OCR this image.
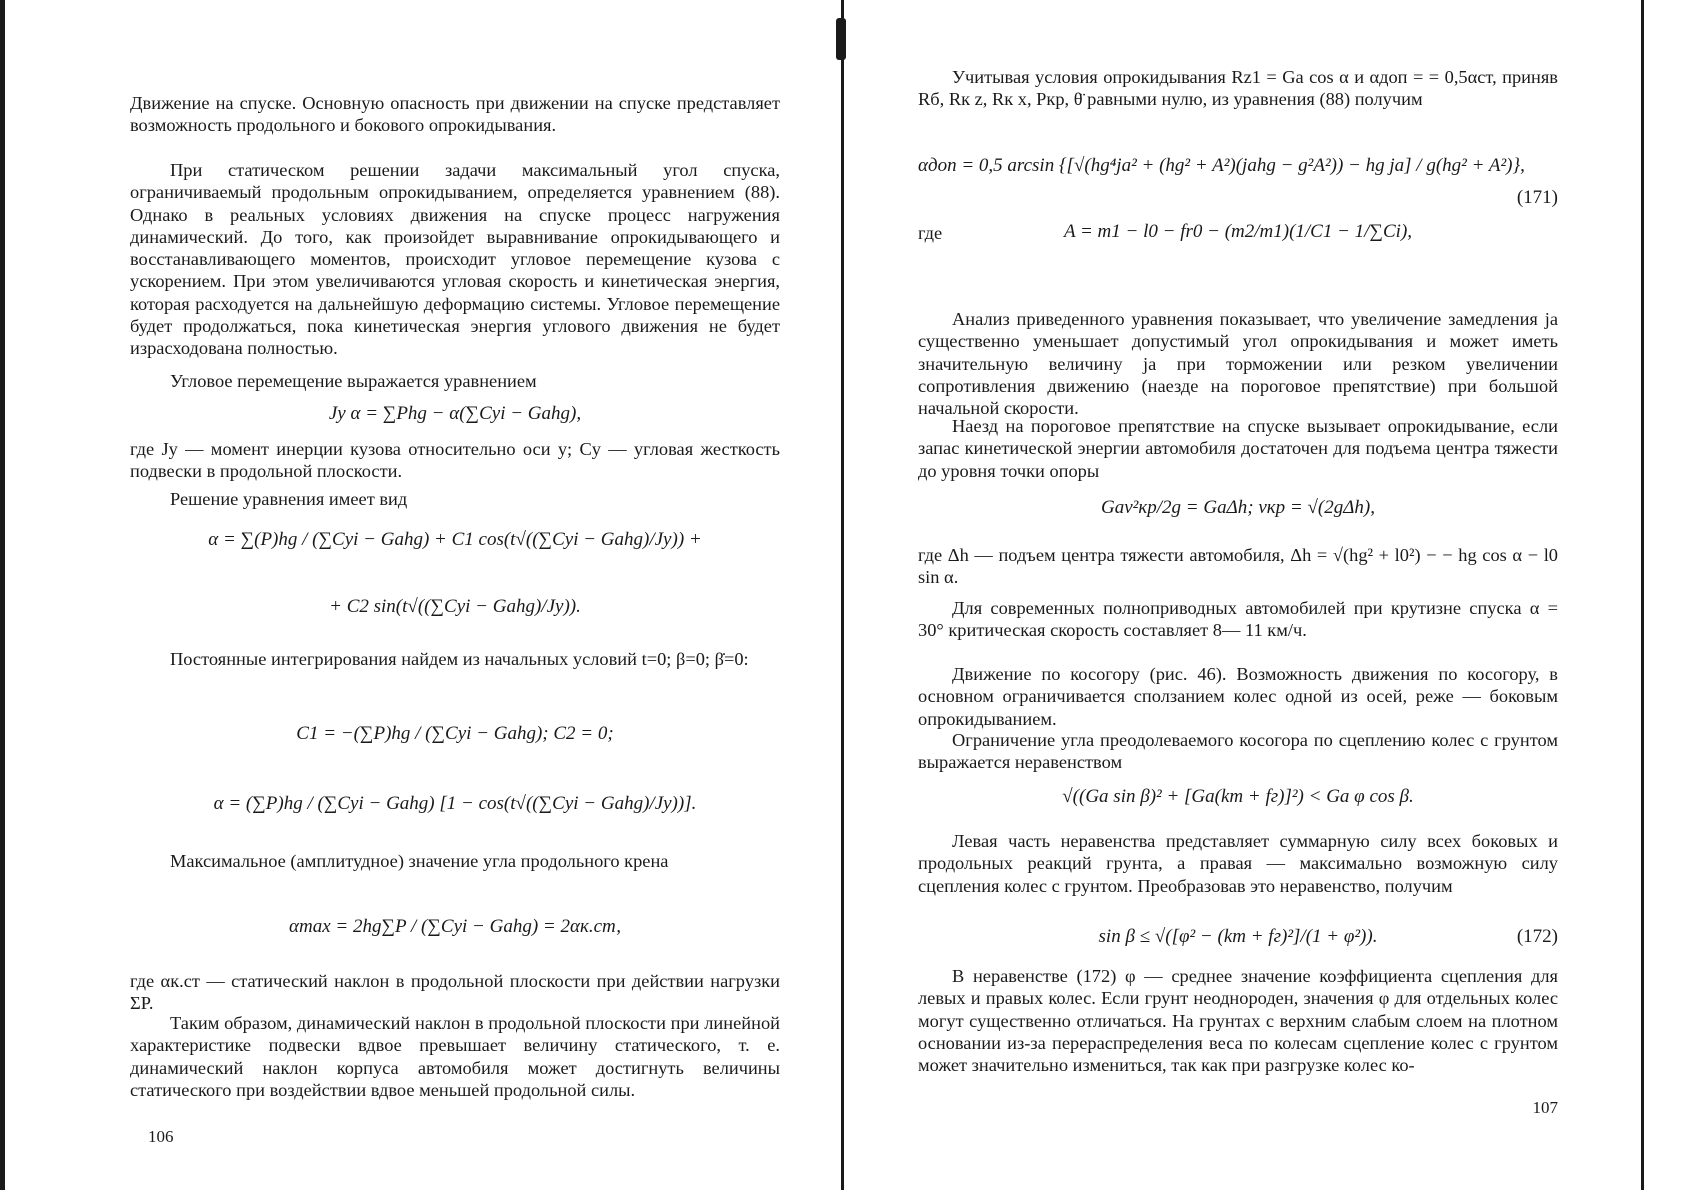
Движение на спуске. Основную опасность при движении на спуске представляет возможность продольного и бокового опрокидывания.

При статическом решении задачи максимальный угол спуска, ограничиваемый продольным опрокидыванием, определяется уравнением (88). Однако в реальных условиях движения на спуске процесс нагружения динамический. До того, как произойдет выравнивание опрокидывающего и восстанавливающего моментов, происходит угловое перемещение кузова с ускорением. При этом увеличиваются угловая скорость и кинетическая энергия, которая расходуется на дальнейшую деформацию системы. Угловое перемещение будет продолжаться, пока кинетическая энергия углового движения не будет израсходована полностью.

Угловое перемещение выражается уравнением

Jy α = ∑Phg − α(∑Cyi − Gahg),

где Jу — момент инерции кузова относительно оси y; Cy — угловая жесткость подвески в продольной плоскости.

Решение уравнения имеет вид

α = ∑(P)hg / (∑Cyi − Gahg) + C1 cos(t√((∑Cyi − Gahg)/Jy)) +
+ C2 sin(t√((∑Cyi − Gahg)/Jy)).

Постоянные интегрирования найдем из начальных условий t=0; β=0; β̇=0:

C1 = −(∑P)hg / (∑Cyi − Gahg); C2 = 0;
α = (∑P)hg / (∑Cyi − Gahg) [1 − cos(t√((∑Cyi − Gahg)/Jy))].

Максимальное (амплитудное) значение угла продольного крена

αmax = 2hg∑P / (∑Cyi − Gahg) = 2αк.ст,

где αк.ст — статический наклон в продольной плоскости при действии нагрузки ΣP.

Таким образом, динамический наклон в продольной плоскости при линейной характеристике подвески вдвое превышает величину статического, т. е. динамический наклон корпуса автомобиля может достигнуть величины статического при воздействии вдвое меньшей продольной силы.

106

Учитывая условия опрокидывания Rz1 = Ga cos α и αдоп = = 0,5αст, приняв Rб, Rк z, Rк x, Pкр, θ̈ равными нулю, из уравнения (88) получим

αдоп = 0,5 arcsin {[√(hg⁴ja² + (hg² + A²)(jahg − g²A²)) − hg ja] / g(hg² + A²)},
(171)

где	A = m1 − l0 − fr0 − (m2/m1)(1/C1 − 1/∑Ci),

Анализ приведенного уравнения показывает, что увеличение замедления jа существенно уменьшает допустимый угол опрокидывания и может иметь значительную величину jа при торможении или резком увеличении сопротивления движению (наезде на пороговое препятствие) при большой начальной скорости.

Наезд на пороговое препятствие на спуске вызывает опрокидывание, если запас кинетической энергии автомобиля достаточен для подъема центра тяжести до уровня точки опоры

Gav²кр/2g = GaΔh; vкр = √(2gΔh),

где Δh — подъем центра тяжести автомобиля, Δh = √(hg² + l0²) − − hg cos α − l0 sin α.

Для современных полноприводных автомобилей при крутизне спуска α = 30° критическая скорость составляет 8— 11 км/ч.

Движение по косогору (рис. 46). Возможность движения по косогору, в основном ограничивается сползанием колес одной из осей, реже — боковым опрокидыванием.

Ограничение угла преодолеваемого косогора по сцеплению колес с грунтом выражается неравенством

√((Ga sin β)² + [Ga(kт + fг)]²) < Ga φ cos β.

Левая часть неравенства представляет суммарную силу всех боковых и продольных реакций грунта, а правая — максимально возможную силу сцепления колес с грунтом. Преобразовав это неравенство, получим

sin β ≤ √([φ² − (kт + fг)²]/(1 + φ²)).	(172)

В неравенстве (172) φ — среднее значение коэффициента сцепления для левых и правых колес. Если грунт неоднороден, значения φ для отдельных колес могут существенно отличаться. На грунтах с верхним слабым слоем на плотном основании из-за перераспределения веса по колесам сцепление колес с грунтом может значительно измениться, так как при разгрузке колес ко-

107
